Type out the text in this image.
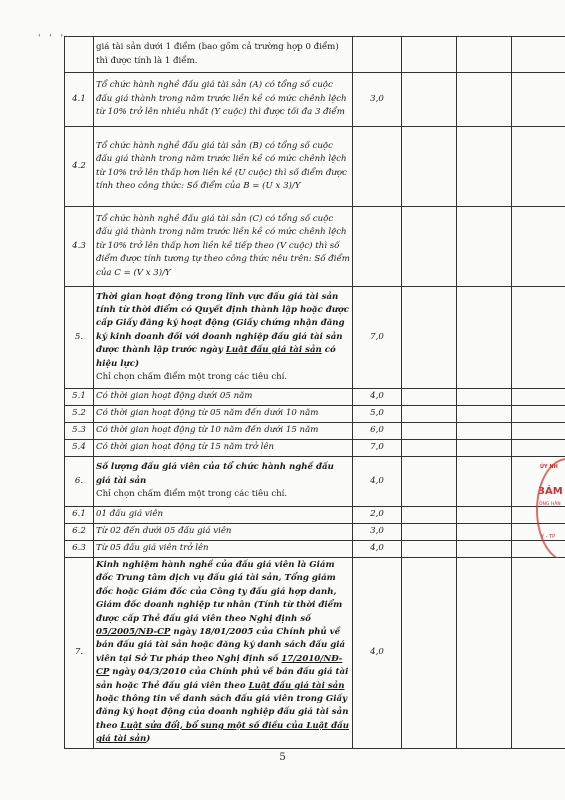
' ' '
	giá tài sản dưới 1 điểm (bao gồm cả trường hợp 0 điểm) thì được tính là 1 điểm.				
4.1	Tổ chức hành nghề đấu giá tài sản (A) có tổng số cuộc đấu giá thành trong năm trước liền kề có mức chênh lệch từ 10% trở lên nhiều nhất (Y cuộc) thì được tối đa 3 điểm	3,0			
4.2	Tổ chức hành nghề đấu giá tài sản (B) có tổng số cuộc đấu giá thành trong năm trước liền kề có mức chênh lệch từ 10% trở lên thấp hơn liền kề (U cuộc) thì số điểm được tính theo công thức: Số điểm của B = (U x 3)/Y				
4.3	Tổ chức hành nghề đấu giá tài sản (C) có tổng số cuộc đấu giá thành trong năm trước liền kề có mức chênh lệch từ 10% trở lên thấp hơn liền kề tiếp theo (V cuộc) thì số điểm được tính tương tự theo công thức nêu trên: Số điểm của C = (V x 3)/Y				
5.	Thời gian hoạt động trong lĩnh vực đấu giá tài sản tính từ thời điểm có Quyết định thành lập hoặc được cấp Giấy đăng ký hoạt động (Giấy chứng nhận đăng ký kinh doanh đối với doanh nghiệp đấu giá tài sản được thành lập trước ngày Luật đấu giá tài sản có hiệu lực)
Chỉ chọn chấm điểm một trong các tiêu chí.	7,0			
5.1	Có thời gian hoạt động dưới 05 năm	4,0			
5.2	Có thời gian hoạt động từ 05 năm đến dưới 10 năm	5,0			
5.3	Có thời gian hoạt động từ 10 năm đến dưới 15 năm	6,0			
5.4	Có thời gian hoạt động từ 15 năm trở lên	7,0			
6.	Số lượng đấu giá viên của tổ chức hành nghề đấu giá tài sản
Chỉ chọn chấm điểm một trong các tiêu chí.	4,0			
6.1	01 đấu giá viên	2,0			
6.2	Từ 02 đến dưới 05 đấu giá viên	3,0			
6.3	Từ 05 đấu giá viên trở lên	4,0			
7.	Kinh nghiệm hành nghề của đấu giá viên là Giám đốc Trung tâm dịch vụ đấu giá tài sản, Tổng giám đốc hoặc Giám đốc của Công ty đấu giá hợp danh, Giám đốc doanh nghiệp tư nhân (Tính từ thời điểm được cấp Thẻ đấu giá viên theo Nghị định số 05/2005/NĐ-CP ngày 18/01/2005 của Chính phủ về bán đấu giá tài sản hoặc đăng ký danh sách đấu giá viên tại Sở Tư pháp theo Nghị định số 17/2010/NĐ-CP ngày 04/3/2010 của Chính phủ về bán đấu giá tài sản hoặc Thẻ đấu giá viên theo Luật đấu giá tài sản hoặc thông tin về danh sách đấu giá viên trong Giấy đăng ký hoạt động của doanh nghiệp đấu giá tài sản theo Luật sửa đổi, bổ sung một số điều của Luật đấu giá tài sản)	4,0			
ỦY NH
3ÁM
ÔNG HÀN
Y - TP
5
